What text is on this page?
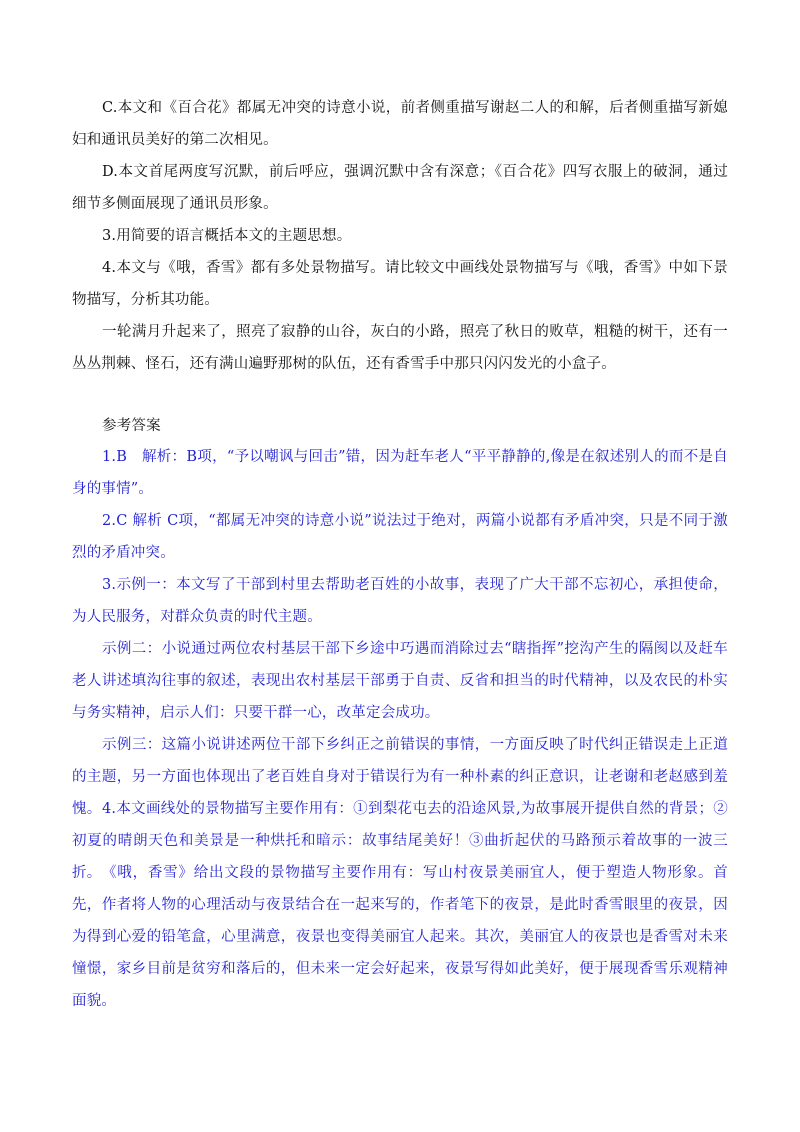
C.本文和《百合花》都属无冲突的诗意小说，前者侧重描写谢赵二人的和解，后者侧重描写新媳妇和通讯员美好的第二次相见。

D.本文首尾两度写沉默，前后呼应，强调沉默中含有深意；《百合花》四写衣服上的破洞，通过细节多侧面展现了通讯员形象。

3.用简要的语言概括本文的主题思想。

4.本文与《哦，香雪》都有多处景物描写。请比较文中画线处景物描写与《哦，香雪》中如下景物描写，分析其功能。

一轮满月升起来了，照亮了寂静的山谷，灰白的小路，照亮了秋日的败草，粗糙的树干，还有一丛丛荆棘、怪石，还有满山遍野那树的队伍，还有香雪手中那只闪闪发光的小盒子。

参考答案

1.B　解析：B项，“予以嘲讽与回击”错，因为赶车老人“平平静静的,像是在叙述别人的而不是自身的事情”。

2.C 解析 C项，“都属无冲突的诗意小说”说法过于绝对，两篇小说都有矛盾冲突，只是不同于激烈的矛盾冲突。

3.示例一：本文写了干部到村里去帮助老百姓的小故事，表现了广大干部不忘初心，承担使命，为人民服务，对群众负责的时代主题。

示例二：小说通过两位农村基层干部下乡途中巧遇而消除过去“瞎指挥”挖沟产生的隔阂以及赶车老人讲述填沟往事的叙述，表现出农村基层干部勇于自责、反省和担当的时代精神，以及农民的朴实与务实精神，启示人们：只要干群一心，改革定会成功。

示例三：这篇小说讲述两位干部下乡纠正之前错误的事情，一方面反映了时代纠正错误走上正道的主题，另一方面也体现出了老百姓自身对于错误行为有一种朴素的纠正意识，让老谢和老赵感到羞愧。 4.本文画线处的景物描写主要作用有：①到梨花屯去的沿途风景,为故事展开提供自然的背景；②初夏的晴朗天色和美景是一种烘托和暗示：故事结尾美好！③曲折起伏的马路预示着故事的一波三折。 《哦，香雪》给出文段的景物描写主要作用有：写山村夜景美丽宜人，便于塑造人物形象。首先，作者将人物的心理活动与夜景结合在一起来写的，作者笔下的夜景，是此时香雪眼里的夜景，因为得到心爱的铅笔盒，心里满意，夜景也变得美丽宜人起来。其次，美丽宜人的夜景也是香雪对未来憧憬，家乡目前是贫穷和落后的，但未来一定会好起来，夜景写得如此美好，便于展现香雪乐观精神面貌。
